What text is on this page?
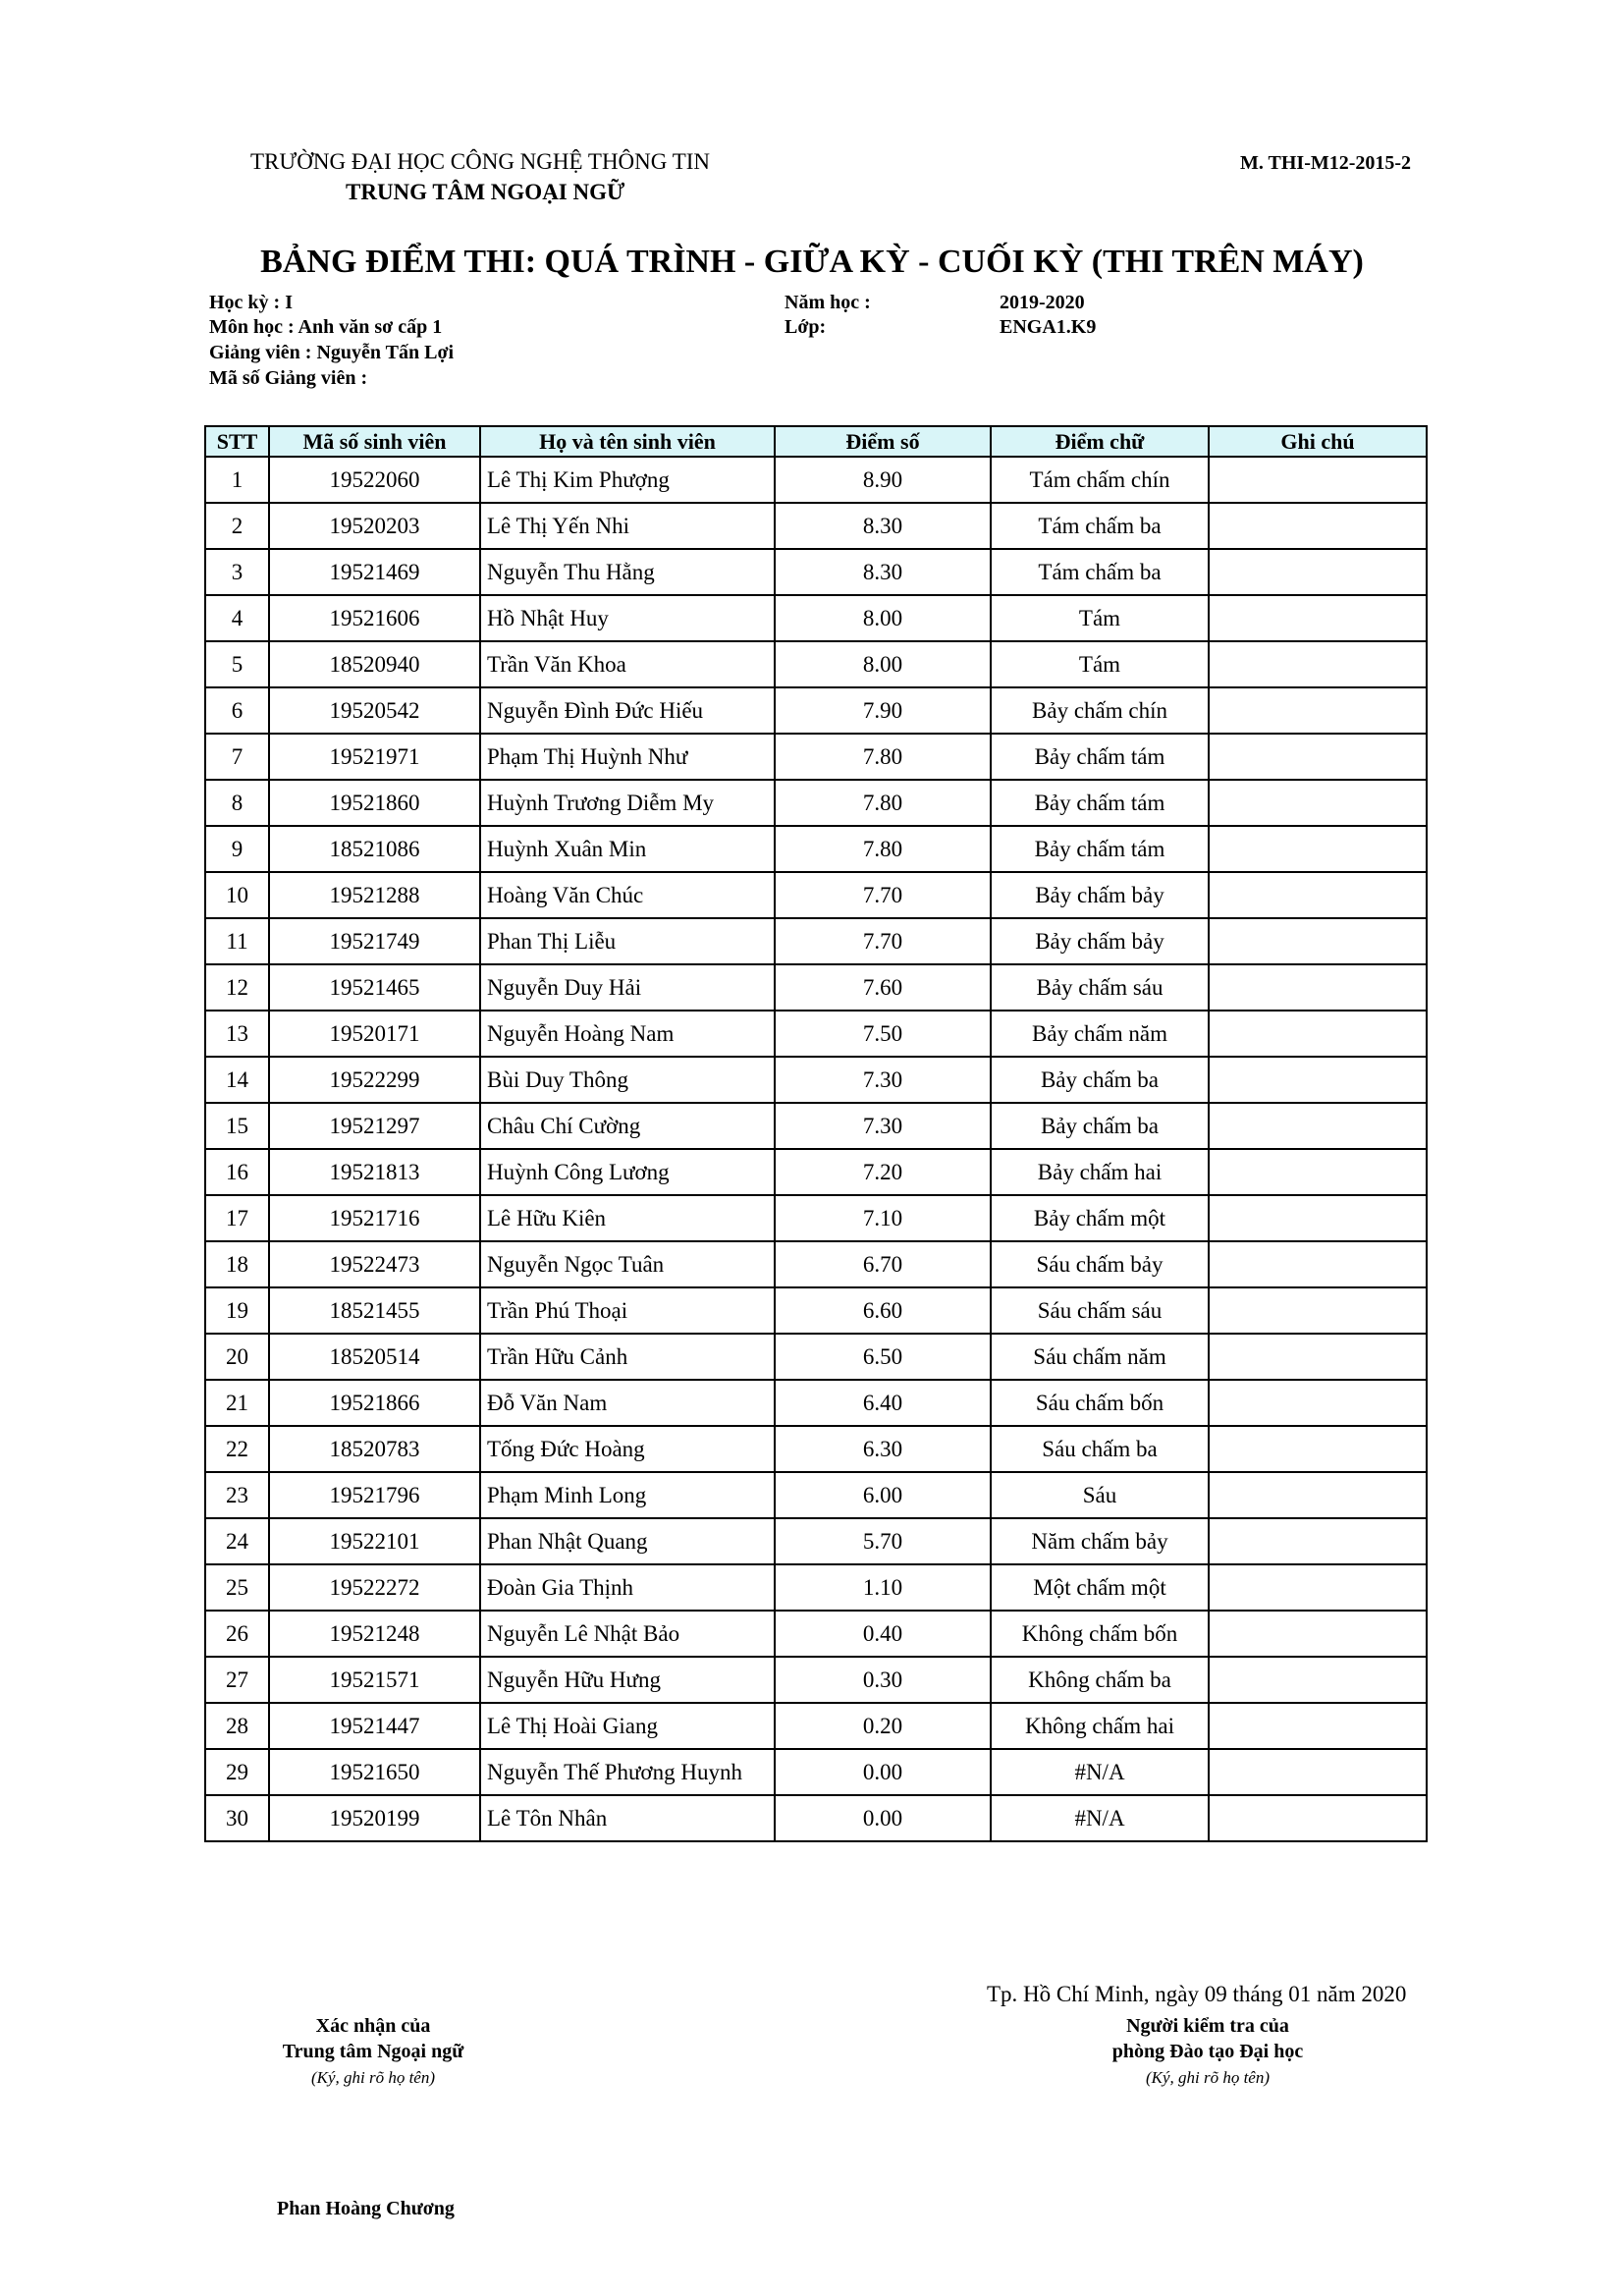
TRƯỜNG ĐẠI HỌC CÔNG NGHỆ THÔNG TIN
TRUNG TÂM NGOẠI NGỮ
M. THI-M12-2015-2
BẢNG ĐIỂM THI: QUÁ TRÌNH - GIỮA KỲ - CUỐI KỲ (THI TRÊN MÁY)
Học kỳ : I
Môn học : Anh văn sơ cấp 1
Giảng viên : Nguyễn Tấn Lợi
Mã số Giảng viên :
Năm học :	2019-2020
Lớp:	ENGA1.K9
STT	Mã số sinh viên	Họ và tên sinh viên	Điểm số	Điểm chữ	Ghi chú
1	19522060	Lê Thị Kim Phượng	8.90	Tám chấm chín	
2	19520203	Lê Thị Yến Nhi	8.30	Tám chấm ba	
3	19521469	Nguyễn Thu Hằng	8.30	Tám chấm ba	
4	19521606	Hồ Nhật Huy	8.00	Tám	
5	18520940	Trần Văn Khoa	8.00	Tám	
6	19520542	Nguyễn Đình Đức Hiếu	7.90	Bảy chấm chín	
7	19521971	Phạm Thị Huỳnh Như	7.80	Bảy chấm tám	
8	19521860	Huỳnh Trương Diễm My	7.80	Bảy chấm tám	
9	18521086	Huỳnh Xuân Min	7.80	Bảy chấm tám	
10	19521288	Hoàng Văn Chúc	7.70	Bảy chấm bảy	
11	19521749	Phan Thị Liễu	7.70	Bảy chấm bảy	
12	19521465	Nguyễn Duy Hải	7.60	Bảy chấm sáu	
13	19520171	Nguyễn Hoàng Nam	7.50	Bảy chấm năm	
14	19522299	Bùi Duy Thông	7.30	Bảy chấm ba	
15	19521297	Châu Chí Cường	7.30	Bảy chấm ba	
16	19521813	Huỳnh Công Lương	7.20	Bảy chấm hai	
17	19521716	Lê Hữu Kiên	7.10	Bảy chấm một	
18	19522473	Nguyễn Ngọc Tuân	6.70	Sáu chấm bảy	
19	18521455	Trần Phú Thoại	6.60	Sáu chấm sáu	
20	18520514	Trần Hữu Cảnh	6.50	Sáu chấm năm	
21	19521866	Đỗ Văn Nam	6.40	Sáu chấm bốn	
22	18520783	Tống Đức Hoàng	6.30	Sáu chấm ba	
23	19521796	Phạm Minh Long	6.00	Sáu	
24	19522101	Phan Nhật Quang	5.70	Năm chấm bảy	
25	19522272	Đoàn Gia Thịnh	1.10	Một chấm một	
26	19521248	Nguyễn Lê Nhật Bảo	0.40	Không chấm bốn	
27	19521571	Nguyễn Hữu Hưng	0.30	Không chấm ba	
28	19521447	Lê Thị Hoài Giang	0.20	Không chấm hai	
29	19521650	Nguyễn Thế Phương Huynh	0.00	#N/A	
30	19520199	Lê Tôn Nhân	0.00	#N/A	
Tp. Hồ Chí Minh, ngày 09 tháng 01 năm 2020
Xác nhận của
Trung tâm Ngoại ngữ
(Ký, ghi rõ họ tên)
Người kiểm tra của
phòng Đào tạo Đại học
(Ký, ghi rõ họ tên)
Phan Hoàng Chương
